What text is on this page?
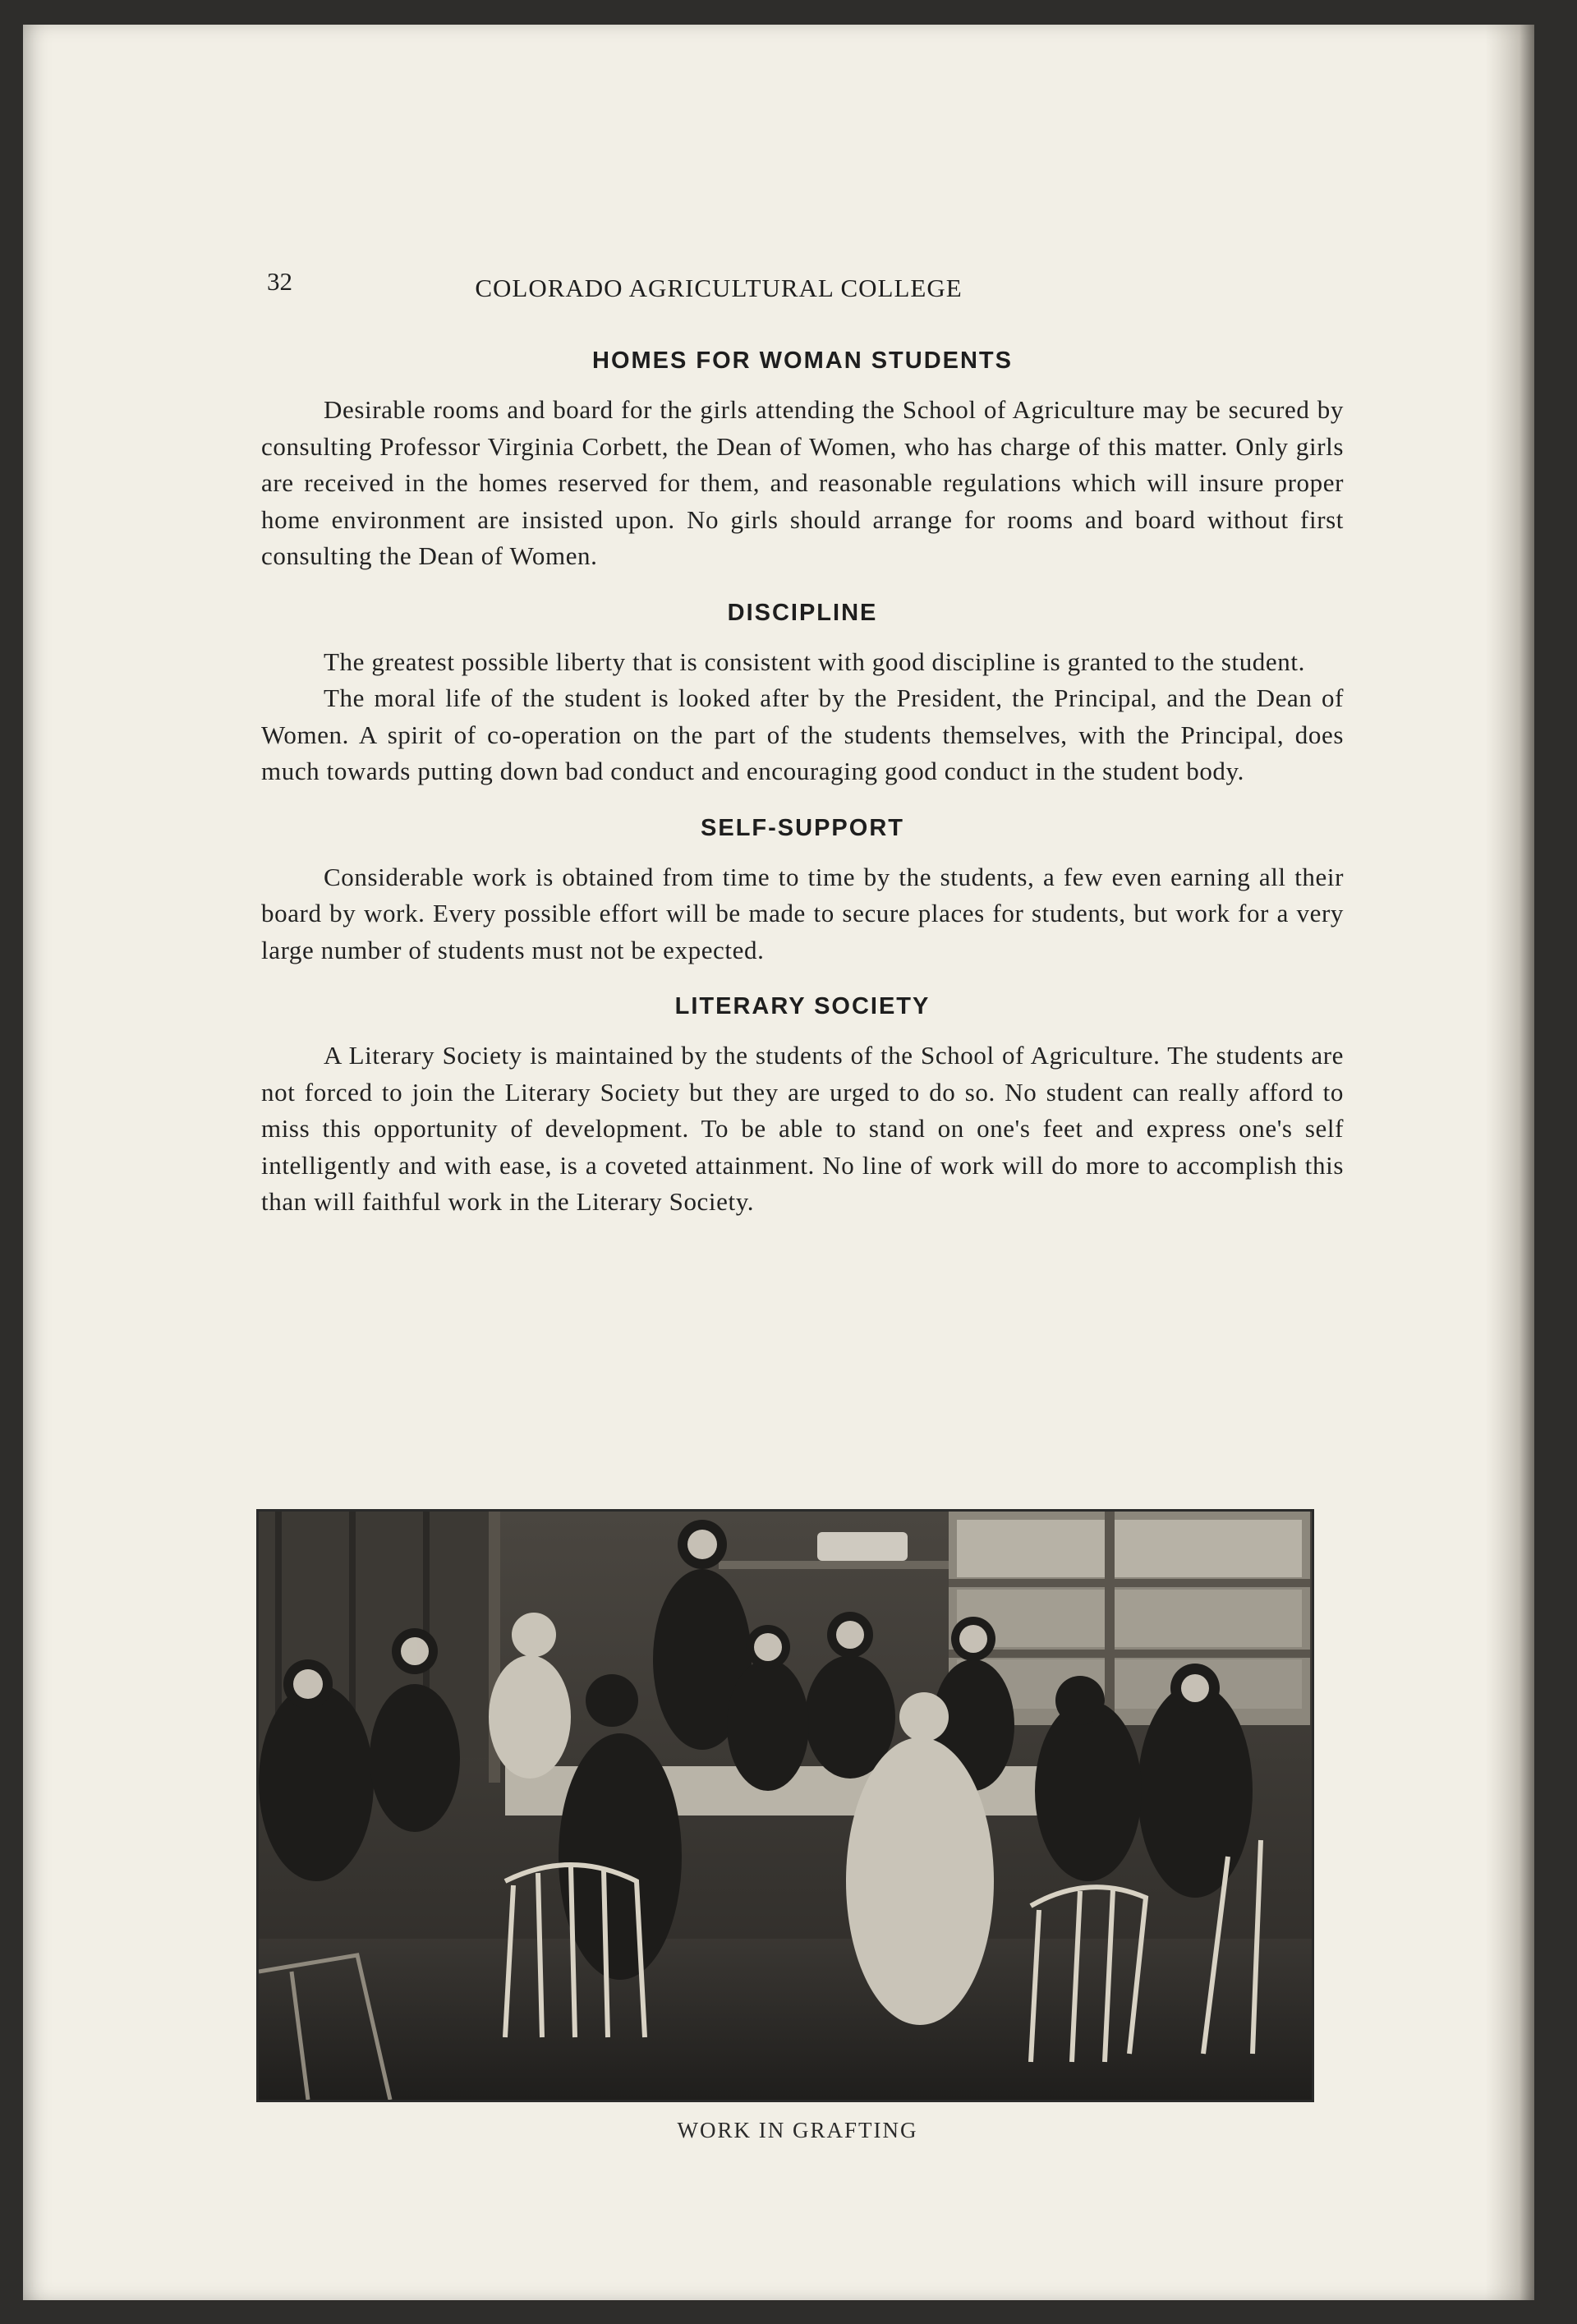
32	COLORADO AGRICULTURAL COLLEGE
HOMES FOR WOMAN STUDENTS

Desirable rooms and board for the girls attending the School of Agriculture may be secured by consulting Professor Virginia Corbett, the Dean of Women, who has charge of this matter. Only girls are received in the homes reserved for them, and reasonable regulations which will insure proper home environment are insisted upon. No girls should arrange for rooms and board without first consulting the Dean of Women.

DISCIPLINE

The greatest possible liberty that is consistent with good discipline is granted to the student.

The moral life of the student is looked after by the President, the Principal, and the Dean of Women. A spirit of co-operation on the part of the students themselves, with the Principal, does much towards putting down bad conduct and encouraging good conduct in the student body.

SELF-SUPPORT

Considerable work is obtained from time to time by the students, a few even earning all their board by work. Every possible effort will be made to secure places for students, but work for a very large number of students must not be expected.

LITERARY SOCIETY

A Literary Society is maintained by the students of the School of Agriculture. The students are not forced to join the Literary Society but they are urged to do so. No student can really afford to miss this opportunity of development. To be able to stand on one's feet and express one's self intelligently and with ease, is a coveted attainment. No line of work will do more to accomplish this than will faithful work in the Literary Society.

WORK IN GRAFTING
